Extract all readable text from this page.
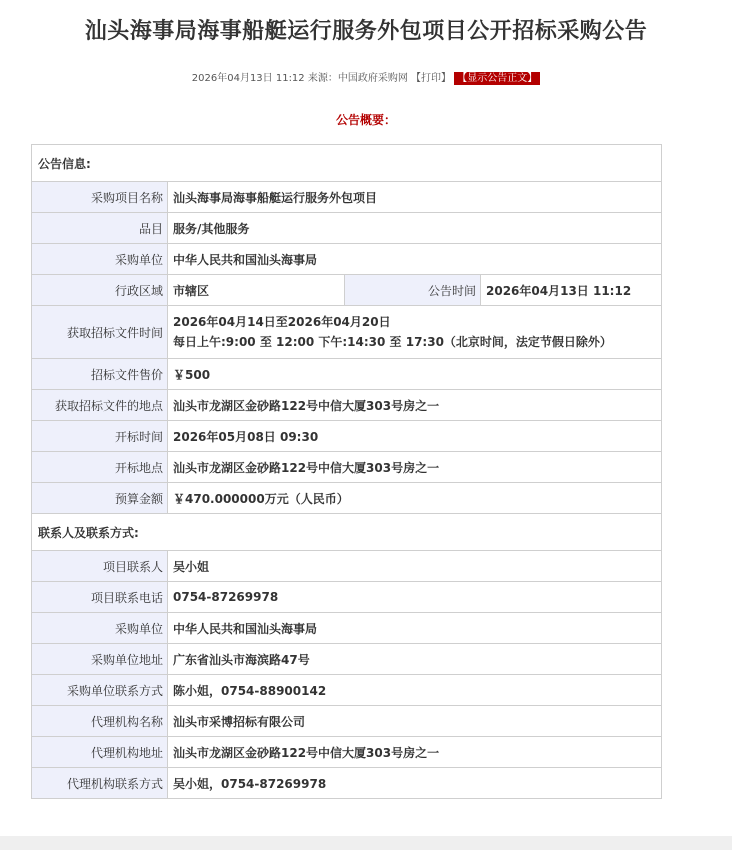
汕头海事局海事船艇运行服务外包项目公开招标采购公告
2026年04月13日 11:12 来源：中国政府采购网 【打印】 【显示公告正文】
公告概要：
公告信息:			
采购项目名称	汕头海事局海事船艇运行服务外包项目		
品目	服务/其他服务		
采购单位	中华人民共和国汕头海事局		
行政区域	市辖区	公告时间	2026年04月13日 11:12
获取招标文件时间	2026年04月14日至2026年04月20日
每日上午:9:00 至 12:00 下午:14:30 至 17:30（北京时间，法定节假日除外）		

招标文件售价	￥500		
获取招标文件的地点	汕头市龙湖区金砂路122号中信大厦303号房之一		
开标时间	2026年05月08日 09:30		
开标地点	汕头市龙湖区金砂路122号中信大厦303号房之一		
预算金额	￥470.000000万元（人民币）		
联系人及联系方式:			
项目联系人	吴小姐		
项目联系电话	0754-87269978		
采购单位	中华人民共和国汕头海事局		
采购单位地址	广东省汕头市海滨路47号		
采购单位联系方式	陈小姐，0754-88900142		
代理机构名称	汕头市采博招标有限公司		
代理机构地址	汕头市龙湖区金砂路122号中信大厦303号房之一		
代理机构联系方式	吴小姐，0754-87269978		
